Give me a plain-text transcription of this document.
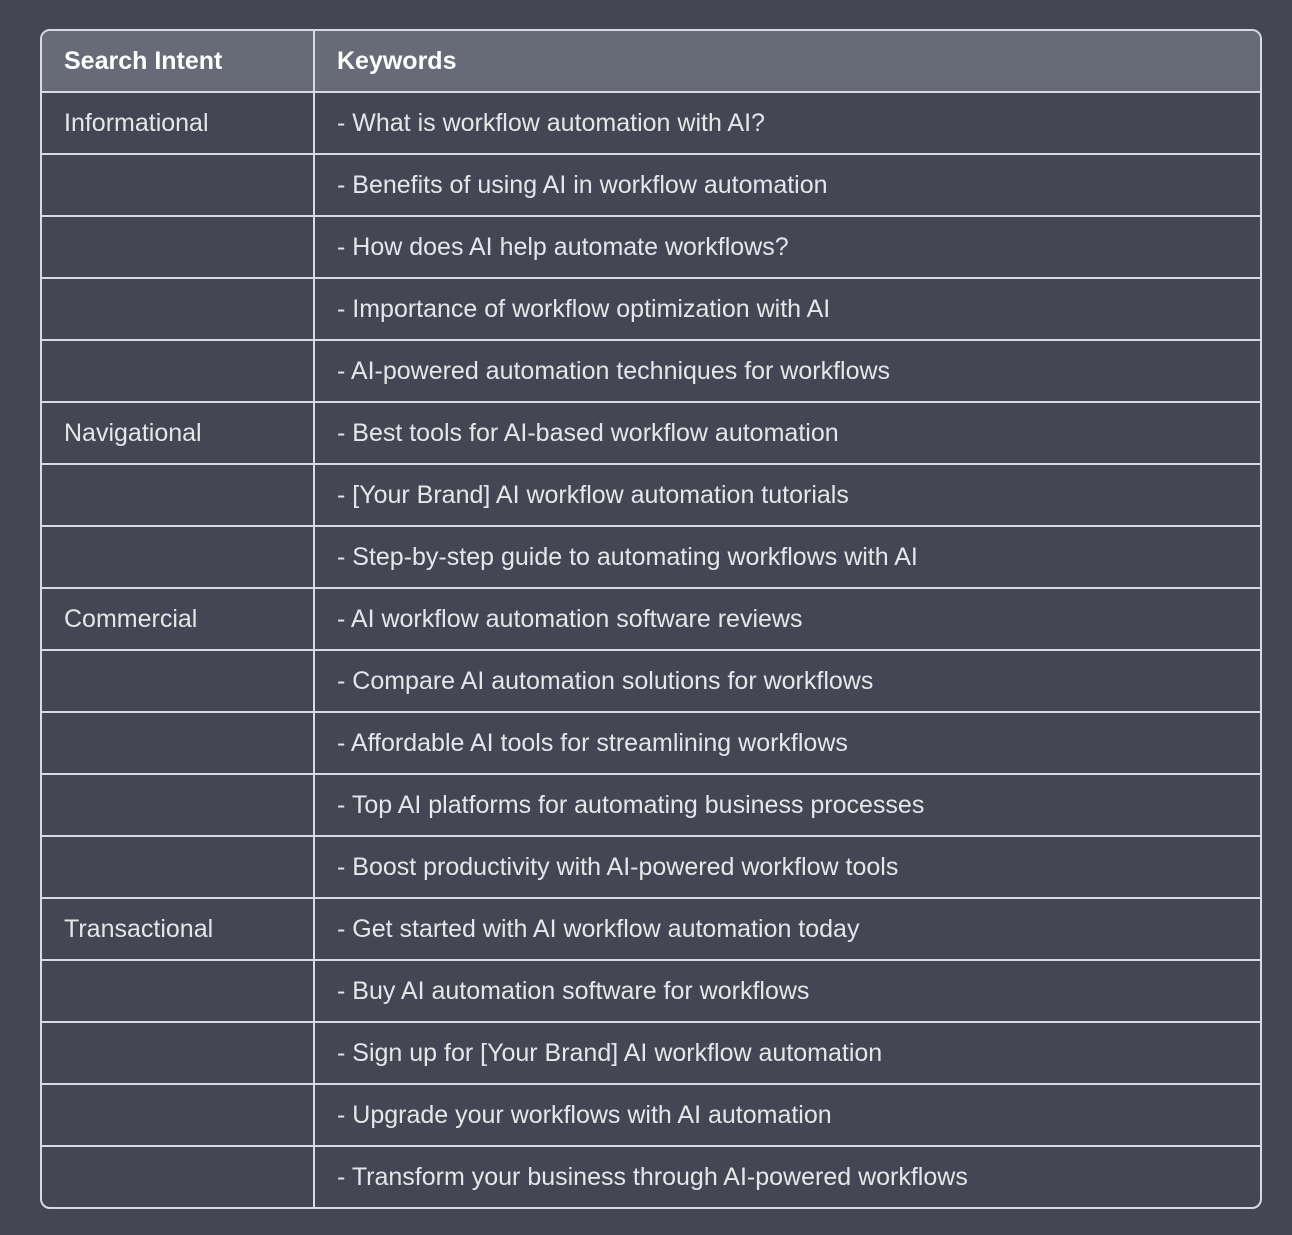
Search Intent	Keywords
Informational	- What is workflow automation with AI?
	- Benefits of using AI in workflow automation
	- How does AI help automate workflows?
	- Importance of workflow optimization with AI
	- AI-powered automation techniques for workflows
Navigational	- Best tools for AI-based workflow automation
	- [Your Brand] AI workflow automation tutorials
	- Step-by-step guide to automating workflows with AI
Commercial	- AI workflow automation software reviews
	- Compare AI automation solutions for workflows
	- Affordable AI tools for streamlining workflows
	- Top AI platforms for automating business processes
	- Boost productivity with AI-powered workflow tools
Transactional	- Get started with AI workflow automation today
	- Buy AI automation software for workflows
	- Sign up for [Your Brand] AI workflow automation
	- Upgrade your workflows with AI automation
	- Transform your business through AI-powered workflows
